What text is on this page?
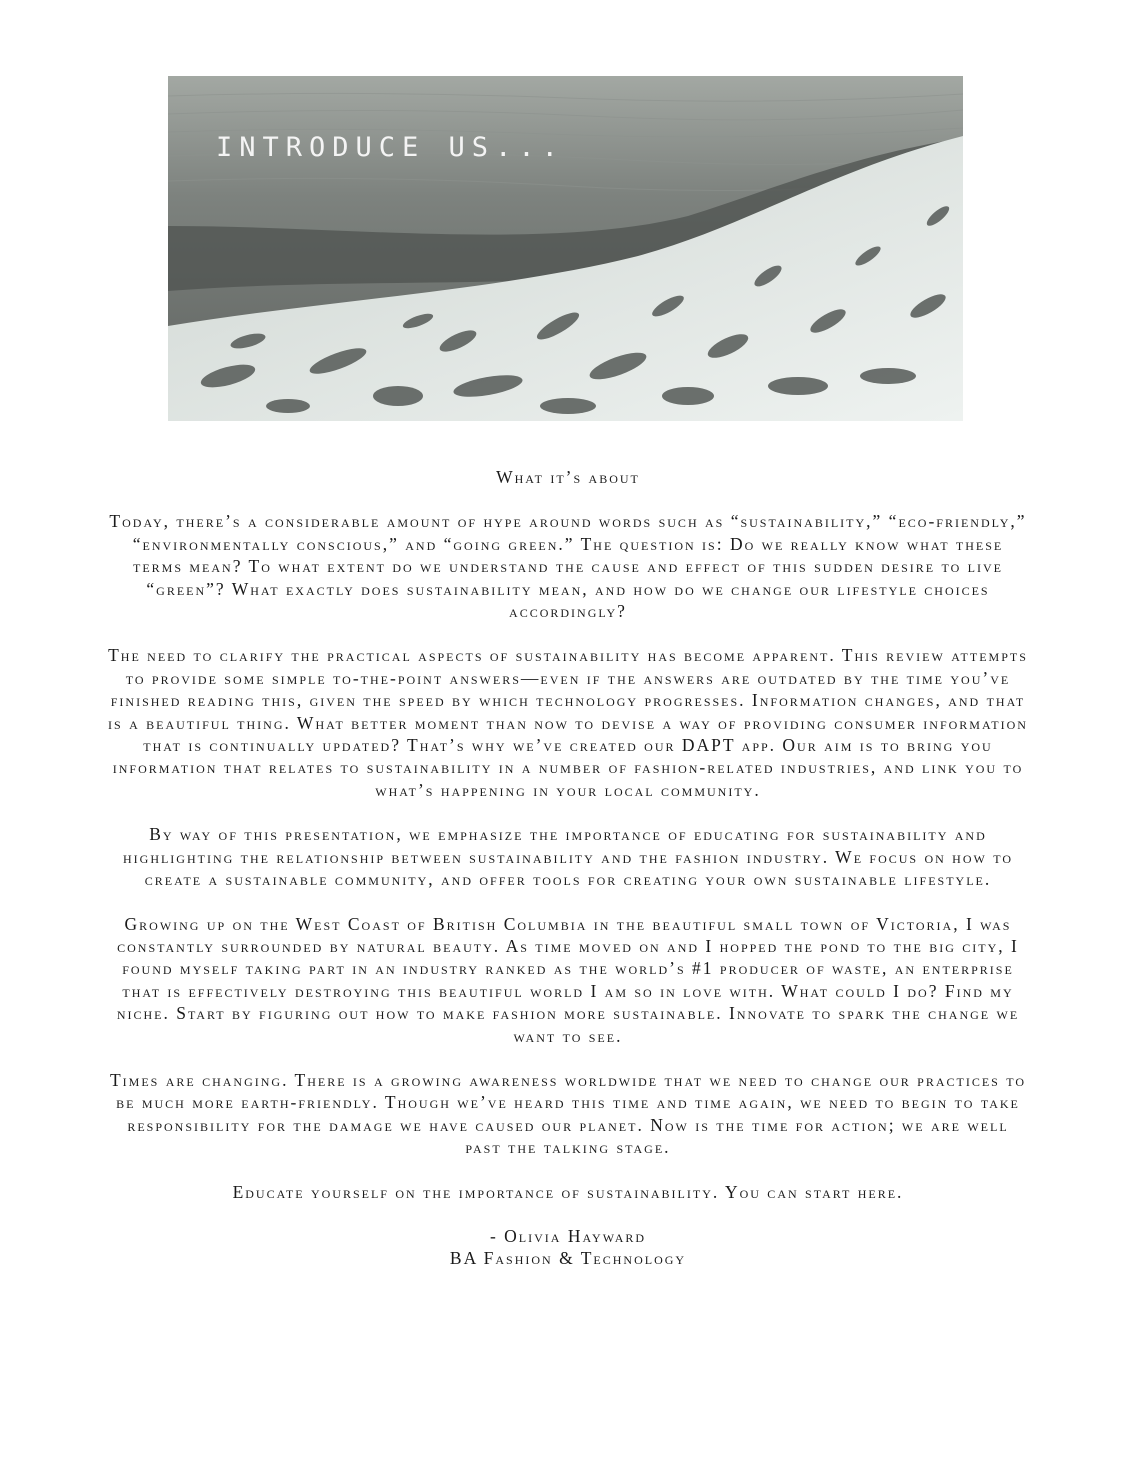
INTRODUCE US...
What it’s about

Today, there’s a considerable amount of hype around words such as “sustainability,” “eco-friendly,” “environmentally conscious,” and “going green.” The question is: Do we really know what these terms mean? To what extent do we understand the cause and effect of this sudden desire to live “green”? What exactly does sustainability mean, and how do we change our lifestyle choices accordingly?

The need to clarify the practical aspects of sustainability has become apparent. This review attempts to provide some simple to-the-point answers—even if the answers are outdated by the time you’ve finished reading this, given the speed by which technology progresses. Information changes, and that is a beautiful thing. What better moment than now to devise a way of providing consumer information that is continually updated? That’s why we’ve created our DAPT app. Our aim is to bring you information that relates to sustainability in a number of fashion-related industries, and link you to what’s happening in your local community.

By way of this presentation, we emphasize the importance of educating for sustainability and highlighting the relationship between sustainability and the fashion industry. We focus on how to create a sustainable community, and offer tools for creating your own sustainable lifestyle.

Growing up on the West Coast of British Columbia in the beautiful small town of Victoria, I was constantly surrounded by natural beauty. As time moved on and I hopped the pond to the big city, I found myself taking part in an industry ranked as the world’s #1 producer of waste, an enterprise that is effectively destroying this beautiful world I am so in love with. What could I do? Find my niche. Start by figuring out how to make fashion more sustainable. Innovate to spark the change we want to see.

Times are changing. There is a growing awareness worldwide that we need to change our practices to be much more earth-friendly. Though we’ve heard this time and time again, we need to begin to take responsibility for the damage we have caused our planet. Now is the time for action; we are well past the talking stage.

Educate yourself on the importance of sustainability. You can start here.

- Olivia Hayward
BA Fashion & Technology
